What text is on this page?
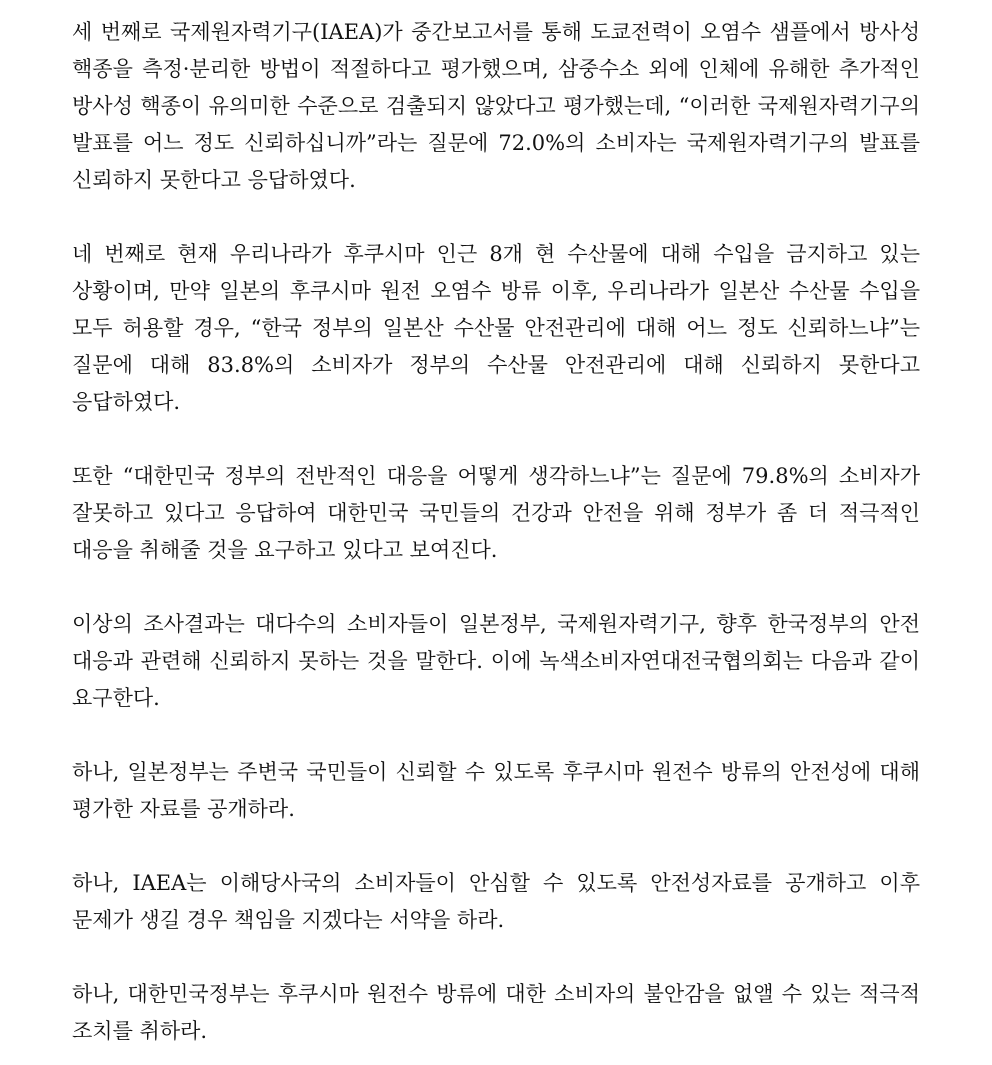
세 번째로 국제원자력기구(IAEA)가 중간보고서를 통해 도쿄전력이 오염수 샘플에서 방사성 핵종을 측정·분리한 방법이 적절하다고 평가했으며, 삼중수소 외에 인체에 유해한 추가적인 방사성 핵종이 유의미한 수준으로 검출되지 않았다고 평가했는데, “이러한 국제원자력기구의 발표를 어느 정도 신뢰하십니까”라는 질문에 72.0%의 소비자는 국제원자력기구의 발표를 신뢰하지 못한다고 응답하였다.

네 번째로 현재 우리나라가 후쿠시마 인근 8개 현 수산물에 대해 수입을 금지하고 있는 상황이며, 만약 일본의 후쿠시마 원전 오염수 방류 이후, 우리나라가 일본산 수산물 수입을 모두 허용할 경우, “한국 정부의 일본산 수산물 안전관리에 대해 어느 정도 신뢰하느냐”는 질문에 대해 83.8%의 소비자가 정부의 수산물 안전관리에 대해 신뢰하지 못한다고 응답하였다.

또한 “대한민국 정부의 전반적인 대응을 어떻게 생각하느냐”는 질문에 79.8%의 소비자가 잘못하고 있다고 응답하여 대한민국 국민들의 건강과 안전을 위해 정부가 좀 더 적극적인 대응을 취해줄 것을 요구하고 있다고 보여진다.

이상의 조사결과는 대다수의 소비자들이 일본정부, 국제원자력기구, 향후 한국정부의 안전 대응과 관련해 신뢰하지 못하는 것을 말한다. 이에 녹색소비자연대전국협의회는 다음과 같이 요구한다.

하나, 일본정부는 주변국 국민들이 신뢰할 수 있도록 후쿠시마 원전수 방류의 안전성에 대해 평가한 자료를 공개하라.

하나, IAEA는 이해당사국의 소비자들이 안심할 수 있도록 안전성자료를 공개하고 이후 문제가 생길 경우 책임을 지겠다는 서약을 하라.

하나, 대한민국정부는 후쿠시마 원전수 방류에 대한 소비자의 불안감을 없앨 수 있는 적극적 조치를 취하라.
